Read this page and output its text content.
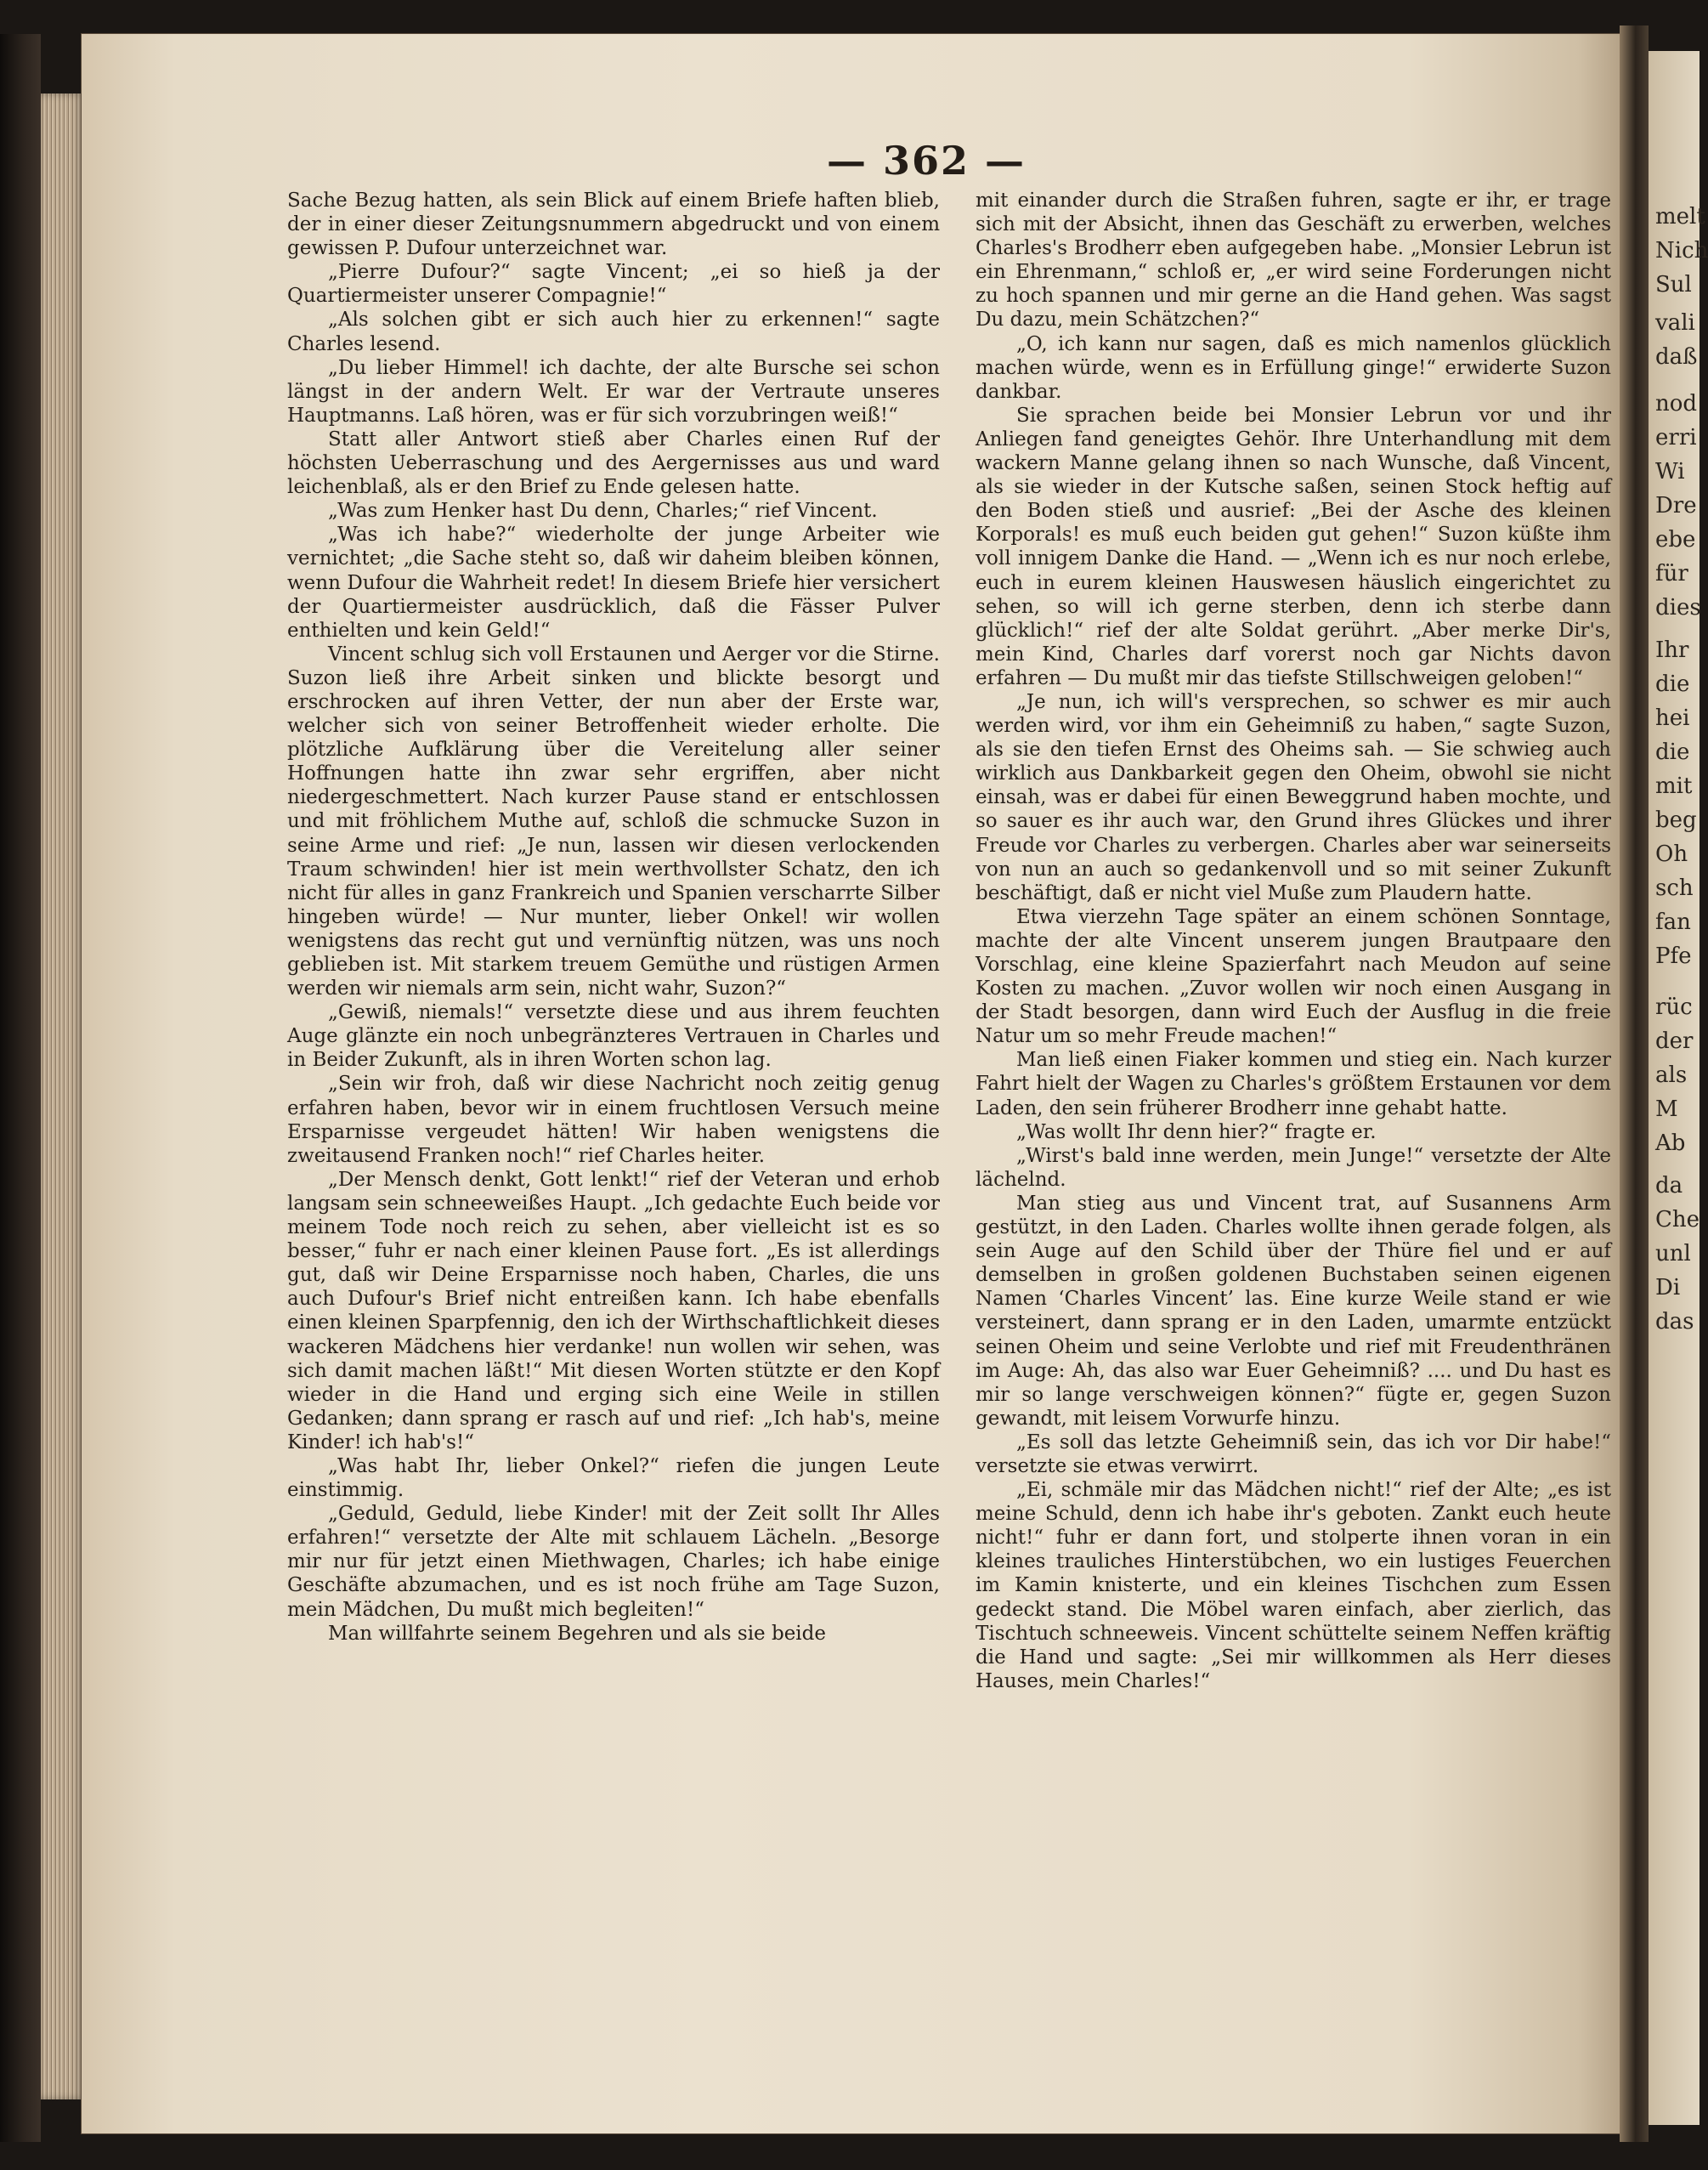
— 362 —

Sache Bezug hatten, als sein Blick auf einem Briefe haften blieb, der in einer dieser Zeitungsnummern abgedruckt und von einem gewissen P. Dufour unterzeichnet war.

„Pierre Dufour?“ sagte Vincent; „ei so hieß ja der Quartiermeister unserer Compagnie!“

„Als solchen gibt er sich auch hier zu erkennen!“ sagte Charles lesend.

„Du lieber Himmel! ich dachte, der alte Bursche sei schon längst in der andern Welt. Er war der Vertraute unseres Hauptmanns. Laß hören, was er für sich vorzubringen weiß!“

Statt aller Antwort stieß aber Charles einen Ruf der höchsten Ueberraschung und des Aergernisses aus und ward leichenblaß, als er den Brief zu Ende gelesen hatte.

„Was zum Henker hast Du denn, Charles;“ rief Vincent.

„Was ich habe?“ wiederholte der junge Arbeiter wie vernichtet; „die Sache steht so, daß wir daheim bleiben können, wenn Dufour die Wahrheit redet! In diesem Briefe hier versichert der Quartiermeister ausdrücklich, daß die Fässer Pulver enthielten und kein Geld!“

Vincent schlug sich voll Erstaunen und Aerger vor die Stirne. Suzon ließ ihre Arbeit sinken und blickte besorgt und erschrocken auf ihren Vetter, der nun aber der Erste war, welcher sich von seiner Betroffenheit wieder erholte. Die plötzliche Aufklärung über die Vereitelung aller seiner Hoffnungen hatte ihn zwar sehr ergriffen, aber nicht niedergeschmettert. Nach kurzer Pause stand er entschlossen und mit fröhlichem Muthe auf, schloß die schmucke Suzon in seine Arme und rief: „Je nun, lassen wir diesen verlockenden Traum schwinden! hier ist mein werthvollster Schatz, den ich nicht für alles in ganz Frankreich und Spanien verscharrte Silber hingeben würde! — Nur munter, lieber Onkel! wir wollen wenigstens das recht gut und vernünftig nützen, was uns noch geblieben ist. Mit starkem treuem Gemüthe und rüstigen Armen werden wir niemals arm sein, nicht wahr, Suzon?“

„Gewiß, niemals!“ versetzte diese und aus ihrem feuchten Auge glänzte ein noch unbegränzteres Vertrauen in Charles und in Beider Zukunft, als in ihren Worten schon lag.

„Sein wir froh, daß wir diese Nachricht noch zeitig genug erfahren haben, bevor wir in einem fruchtlosen Versuch meine Ersparnisse vergeudet hätten! Wir haben wenigstens die zweitausend Franken noch!“ rief Charles heiter.

„Der Mensch denkt, Gott lenkt!“ rief der Veteran und erhob langsam sein schneeweißes Haupt. „Ich gedachte Euch beide vor meinem Tode noch reich zu sehen, aber vielleicht ist es so besser,“ fuhr er nach einer kleinen Pause fort. „Es ist allerdings gut, daß wir Deine Ersparnisse noch haben, Charles, die uns auch Dufour's Brief nicht entreißen kann. Ich habe ebenfalls einen kleinen Sparpfennig, den ich der Wirthschaftlichkeit dieses wackeren Mädchens hier verdanke! nun wollen wir sehen, was sich damit machen läßt!“ Mit diesen Worten stützte er den Kopf wieder in die Hand und erging sich eine Weile in stillen Gedanken; dann sprang er rasch auf und rief: „Ich hab's, meine Kinder! ich hab's!“

„Was habt Ihr, lieber Onkel?“ riefen die jungen Leute einstimmig.

„Geduld, Geduld, liebe Kinder! mit der Zeit sollt Ihr Alles erfahren!“ versetzte der Alte mit schlauem Lächeln. „Besorge mir nur für jetzt einen Miethwagen, Charles; ich habe einige Geschäfte abzumachen, und es ist noch frühe am Tage Suzon, mein Mädchen, Du mußt mich begleiten!“

Man willfahrte seinem Begehren und als sie beide

mit einander durch die Straßen fuhren, sagte er ihr, er trage sich mit der Absicht, ihnen das Geschäft zu erwerben, welches Charles's Brodherr eben aufgegeben habe. „Monsier Lebrun ist ein Ehrenmann,“ schloß er, „er wird seine Forderungen nicht zu hoch spannen und mir gerne an die Hand gehen. Was sagst Du dazu, mein Schätzchen?“

„O, ich kann nur sagen, daß es mich namenlos glücklich machen würde, wenn es in Erfüllung ginge!“ erwiderte Suzon dankbar.

Sie sprachen beide bei Monsier Lebrun vor und ihr Anliegen fand geneigtes Gehör. Ihre Unterhandlung mit dem wackern Manne gelang ihnen so nach Wunsche, daß Vincent, als sie wieder in der Kutsche saßen, seinen Stock heftig auf den Boden stieß und ausrief: „Bei der Asche des kleinen Korporals! es muß euch beiden gut gehen!“ Suzon küßte ihm voll innigem Danke die Hand. — „Wenn ich es nur noch erlebe, euch in eurem kleinen Hauswesen häuslich eingerichtet zu sehen, so will ich gerne sterben, denn ich sterbe dann glücklich!“ rief der alte Soldat gerührt. „Aber merke Dir's, mein Kind, Charles darf vorerst noch gar Nichts davon erfahren — Du mußt mir das tiefste Stillschweigen geloben!“

„Je nun, ich will's versprechen, so schwer es mir auch werden wird, vor ihm ein Geheimniß zu haben,“ sagte Suzon, als sie den tiefen Ernst des Oheims sah. — Sie schwieg auch wirklich aus Dankbarkeit gegen den Oheim, obwohl sie nicht einsah, was er dabei für einen Beweggrund haben mochte, und so sauer es ihr auch war, den Grund ihres Glückes und ihrer Freude vor Charles zu verbergen. Charles aber war seinerseits von nun an auch so gedankenvoll und so mit seiner Zukunft beschäftigt, daß er nicht viel Muße zum Plaudern hatte.

Etwa vierzehn Tage später an einem schönen Sonntage, machte der alte Vincent unserem jungen Brautpaare den Vorschlag, eine kleine Spazierfahrt nach Meudon auf seine Kosten zu machen. „Zuvor wollen wir noch einen Ausgang in der Stadt besorgen, dann wird Euch der Ausflug in die freie Natur um so mehr Freude machen!“

Man ließ einen Fiaker kommen und stieg ein. Nach kurzer Fahrt hielt der Wagen zu Charles's größtem Erstaunen vor dem Laden, den sein früherer Brodherr inne gehabt hatte.

„Was wollt Ihr denn hier?“ fragte er.

„Wirst's bald inne werden, mein Junge!“ versetzte der Alte lächelnd.

Man stieg aus und Vincent trat, auf Susannens Arm gestützt, in den Laden. Charles wollte ihnen gerade folgen, als sein Auge auf den Schild über der Thüre fiel und er auf demselben in großen goldenen Buchstaben seinen eigenen Namen ‘Charles Vincent’ las. Eine kurze Weile stand er wie versteinert, dann sprang er in den Laden, umarmte entzückt seinen Oheim und seine Verlobte und rief mit Freudenthränen im Auge: Ah, das also war Euer Geheimniß? .... und Du hast es mir so lange verschweigen können?“ fügte er, gegen Suzon gewandt, mit leisem Vorwurfe hinzu.

„Es soll das letzte Geheimniß sein, das ich vor Dir habe!“ versetzte sie etwas verwirrt.

„Ei, schmäle mir das Mädchen nicht!“ rief der Alte; „es ist meine Schuld, denn ich habe ihr's geboten. Zankt euch heute nicht!“ fuhr er dann fort, und stolperte ihnen voran in ein kleines trauliches Hinterstübchen, wo ein lustiges Feuerchen im Kamin knisterte, und ein kleines Tischchen zum Essen gedeckt stand. Die Möbel waren einfach, aber zierlich, das Tischtuch schneeweis. Vincent schüttelte seinem Neffen kräftig die Hand und sagte: „Sei mir willkommen als Herr dieses Hauses, mein Charles!“

melt
Nich
Sul
vali
daß
nod
erri
Wi
Dre
ebe
für
dies
Ihr
die
hei
die
mit
beg
Oh
sch
fan
Pfe
rüc
der
als
M
Ab
da
Che
unl
Di
das
